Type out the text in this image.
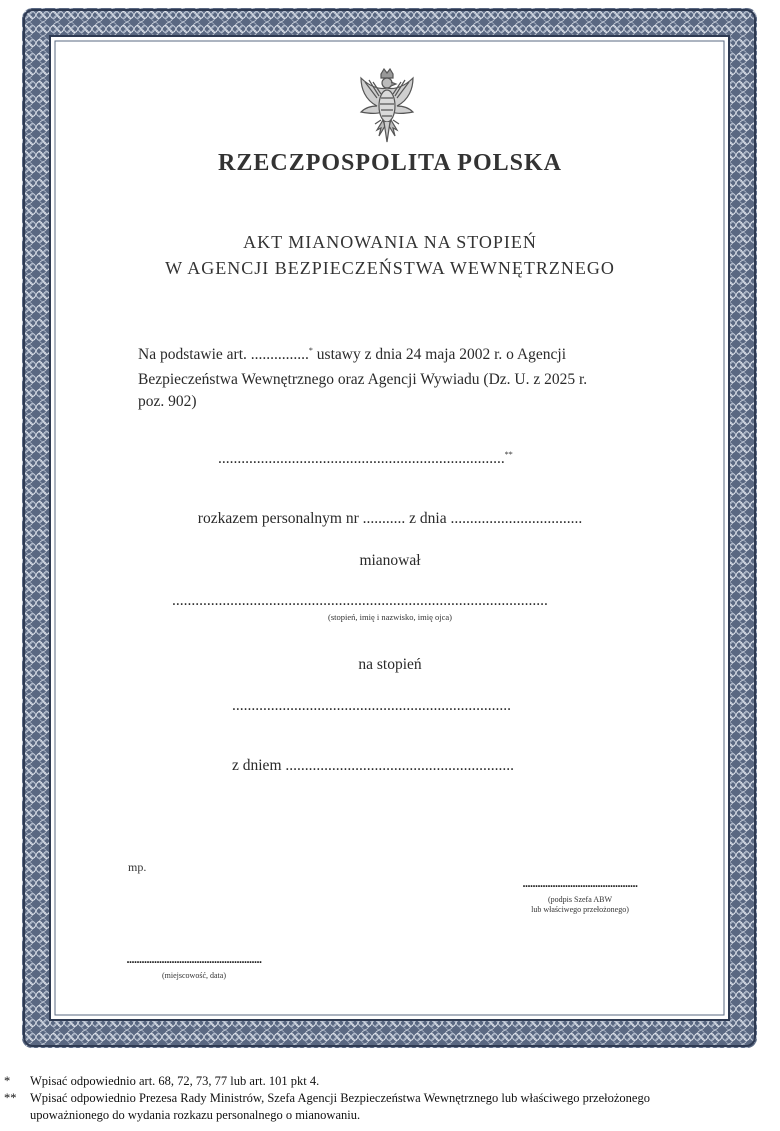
RZECZPOSPOLITA POLSKA
AKT MIANOWANIA NA STOPIEŃ
W AGENCJI BEZPIECZEŃSTWA WEWNĘTRZNEGO
Na podstawie art. ...............* ustawy z dnia 24 maja 2002 r. o Agencji
Bezpieczeństwa Wewnętrznego oraz Agencji Wywiadu (Dz. U. z 2025 r.
poz. 902)
..........................................................................**
rozkazem personalnym nr ........... z dnia ..................................
mianował
.................................................................................................
(stopień, imię i nazwisko, imię ojca)
na stopień
........................................................................
z dniem ...........................................................
mp.
..............................................
(podpis Szefa ABW
lub właściwego przełożonego)
......................................................
(miejscowość, data)
* Wpisać odpowiednio art. 68, 72, 73, 77 lub art. 101 pkt 4.
** Wpisać odpowiednio Prezesa Rady Ministrów, Szefa Agencji Bezpieczeństwa Wewnętrznego lub właściwego przełożonego
upoważnionego do wydania rozkazu personalnego o mianowaniu.
